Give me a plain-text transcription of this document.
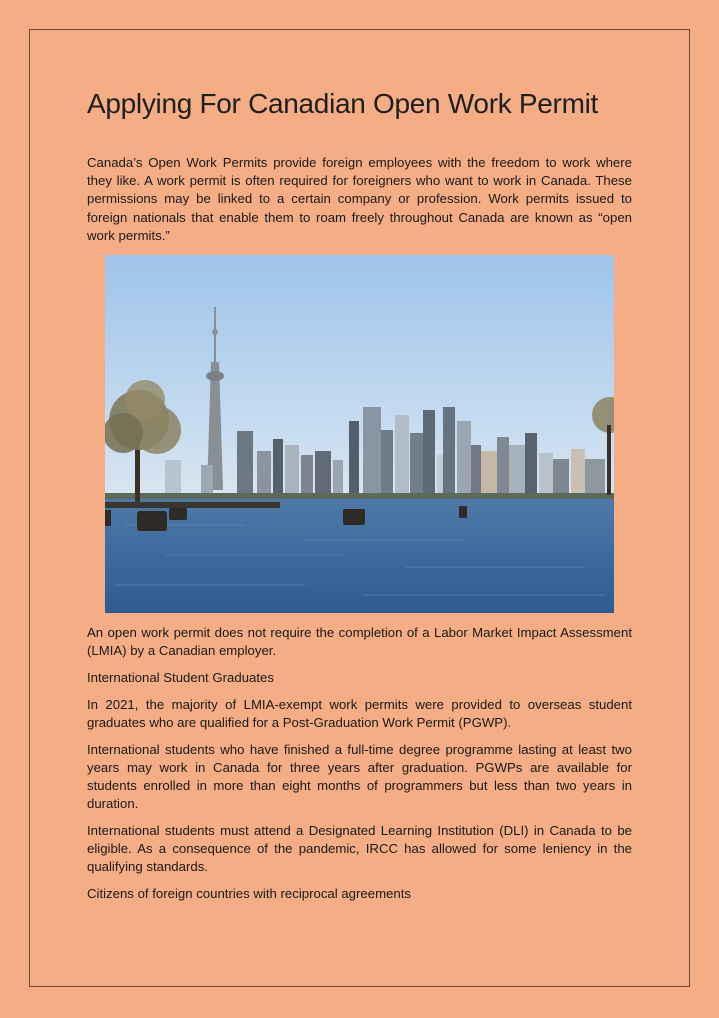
Applying For Canadian Open Work Permit

Canada’s Open Work Permits provide foreign employees with the freedom to work where they like. A work permit is often required for foreigners who want to work in Canada. These permissions may be linked to a certain company or profession. Work permits issued to foreign nationals that enable them to roam freely throughout Canada are known as “open work permits.”

An open work permit does not require the completion of a Labor Market Impact Assessment (LMIA) by a Canadian employer.

International Student Graduates

In 2021, the majority of LMIA-exempt work permits were provided to overseas student graduates who are qualified for a Post-Graduation Work Permit (PGWP).

International students who have finished a full-time degree programme lasting at least two years may work in Canada for three years after graduation. PGWPs are available for students enrolled in more than eight months of programmers but less than two years in duration.

International students must attend a Designated Learning Institution (DLI) in Canada to be eligible. As a consequence of the pandemic, IRCC has allowed for some leniency in the qualifying standards.

Citizens of foreign countries with reciprocal agreements
